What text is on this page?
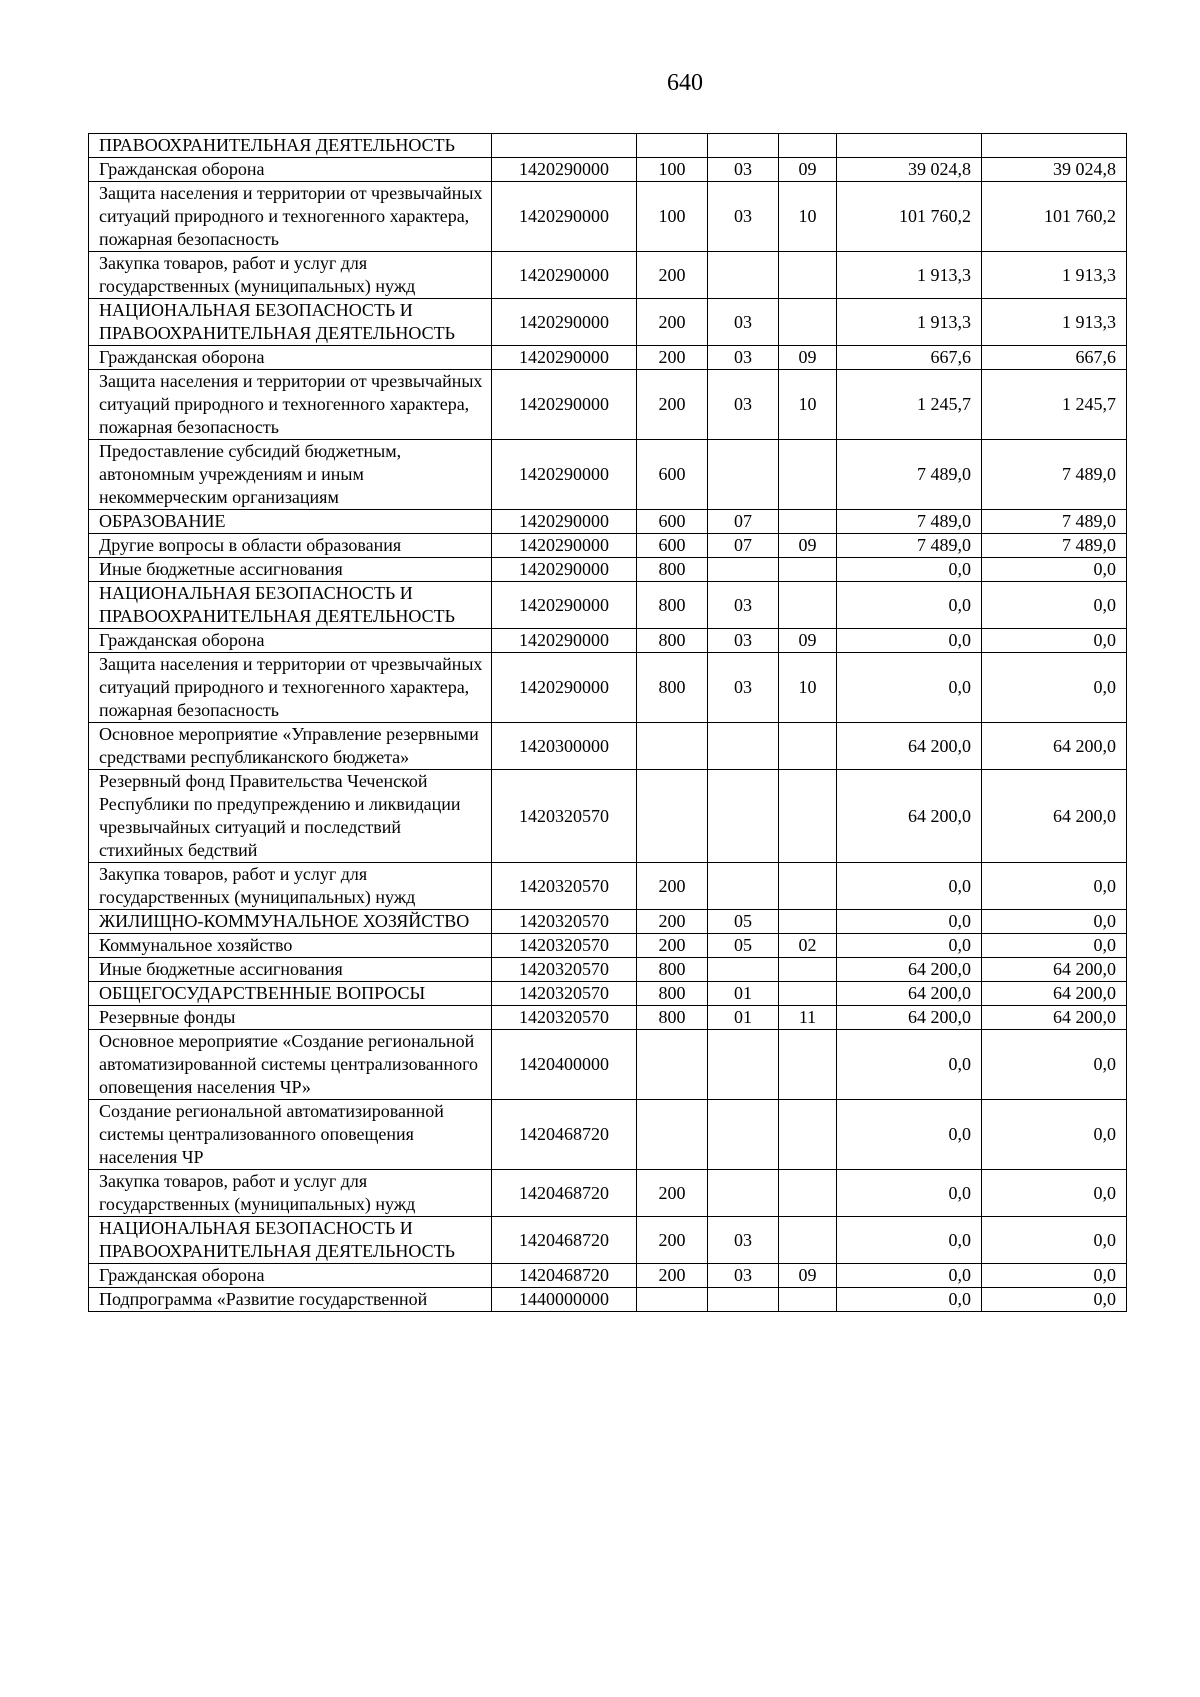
640
ПРАВООХРАНИТЕЛЬНАЯ ДЕЯТЕЛЬНОСТЬ						
Гражданская оборона	1420290000	100	03	09	39 024,8	39 024,8
Защита населения и территории от чрезвычайных ситуаций природного и техногенного характера, пожарная безопасность	1420290000	100	03	10	101 760,2	101 760,2
Закупка товаров, работ и услуг для государственных (муниципальных) нужд	1420290000	200			1 913,3	1 913,3
НАЦИОНАЛЬНАЯ БЕЗОПАСНОСТЬ И ПРАВООХРАНИТЕЛЬНАЯ ДЕЯТЕЛЬНОСТЬ	1420290000	200	03		1 913,3	1 913,3
Гражданская оборона	1420290000	200	03	09	667,6	667,6
Защита населения и территории от чрезвычайных ситуаций природного и техногенного характера, пожарная безопасность	1420290000	200	03	10	1 245,7	1 245,7
Предоставление субсидий бюджетным, автономным учреждениям и иным некоммерческим организациям	1420290000	600			7 489,0	7 489,0
ОБРАЗОВАНИЕ	1420290000	600	07		7 489,0	7 489,0
Другие вопросы в области образования	1420290000	600	07	09	7 489,0	7 489,0
Иные бюджетные ассигнования	1420290000	800			0,0	0,0
НАЦИОНАЛЬНАЯ БЕЗОПАСНОСТЬ И ПРАВООХРАНИТЕЛЬНАЯ ДЕЯТЕЛЬНОСТЬ	1420290000	800	03		0,0	0,0
Гражданская оборона	1420290000	800	03	09	0,0	0,0
Защита населения и территории от чрезвычайных ситуаций природного и техногенного характера, пожарная безопасность	1420290000	800	03	10	0,0	0,0
Основное мероприятие «Управление резервными средствами республиканского бюджета»	1420300000				64 200,0	64 200,0
Резервный фонд Правительства Чеченской Республики по предупреждению и ликвидации чрезвычайных ситуаций и последствий стихийных бедствий	1420320570				64 200,0	64 200,0
Закупка товаров, работ и услуг для государственных (муниципальных) нужд	1420320570	200			0,0	0,0
ЖИЛИЩНО-КОММУНАЛЬНОЕ ХОЗЯЙСТВО	1420320570	200	05		0,0	0,0
Коммунальное хозяйство	1420320570	200	05	02	0,0	0,0
Иные бюджетные ассигнования	1420320570	800			64 200,0	64 200,0
ОБЩЕГОСУДАРСТВЕННЫЕ ВОПРОСЫ	1420320570	800	01		64 200,0	64 200,0
Резервные фонды	1420320570	800	01	11	64 200,0	64 200,0
Основное мероприятие «Создание региональной автоматизированной системы централизованного оповещения населения ЧР»	1420400000				0,0	0,0
Создание региональной автоматизированной системы централизованного оповещения населения ЧР	1420468720				0,0	0,0
Закупка товаров, работ и услуг для государственных (муниципальных) нужд	1420468720	200			0,0	0,0
НАЦИОНАЛЬНАЯ БЕЗОПАСНОСТЬ И ПРАВООХРАНИТЕЛЬНАЯ ДЕЯТЕЛЬНОСТЬ	1420468720	200	03		0,0	0,0
Гражданская оборона	1420468720	200	03	09	0,0	0,0
Подпрограмма «Развитие государственной	1440000000				0,0	0,0
